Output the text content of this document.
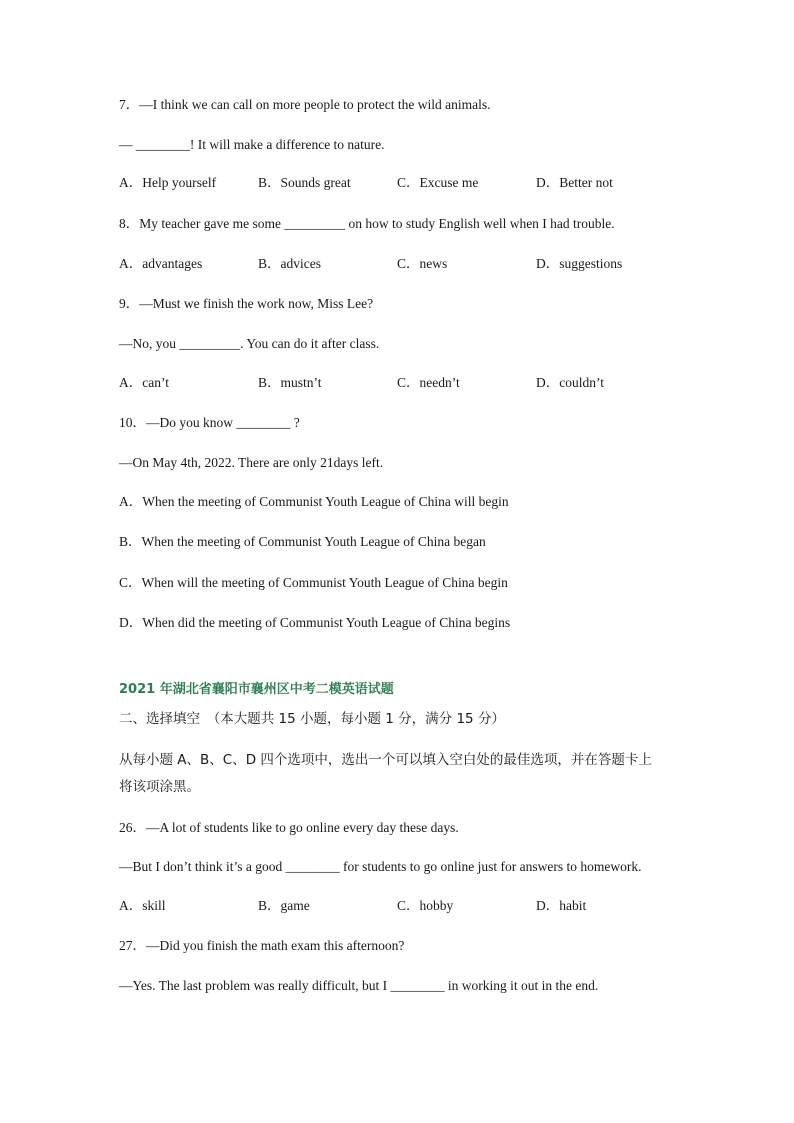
7．—I think we can call on more people to protect the wild animals.
— ________! It will make a difference to nature.
A．Help yourself	B．Sounds great	C．Excuse me	D．Better not
8．My teacher gave me some _________ on how to study English well when I had trouble.
A．advantages	B．advices	C．news	D．suggestions
9．—Must we finish the work now, Miss Lee?
—No, you _________. You can do it after class.
A．can’t	B．mustn’t	C．needn’t	D．couldn’t
10．—Do you know ________ ?
—On May 4th, 2022. There are only 21days left.
A．When the meeting of Communist Youth League of China will begin
B．When the meeting of Communist Youth League of China began
C．When will the meeting of Communist Youth League of China begin
D．When did the meeting of Communist Youth League of China begins
2021 年湖北省襄阳市襄州区中考二模英语试题
二、选择填空　（本大题共 15 小题，每小题 1 分，满分 15 分）
从每小题 A、B、C、D 四个选项中，选出一个可以填入空白处的最佳选项，并在答题卡上
将该项涂黑。
26．—A lot of students like to go online every day these days.
—But I don’t think it’s a good ________ for students to go online just for answers to homework.
A．skill	B．game	C．hobby	D．habit
27．—Did you finish the math exam this afternoon?
—Yes. The last problem was really difficult, but I ________ in working it out in the end.
